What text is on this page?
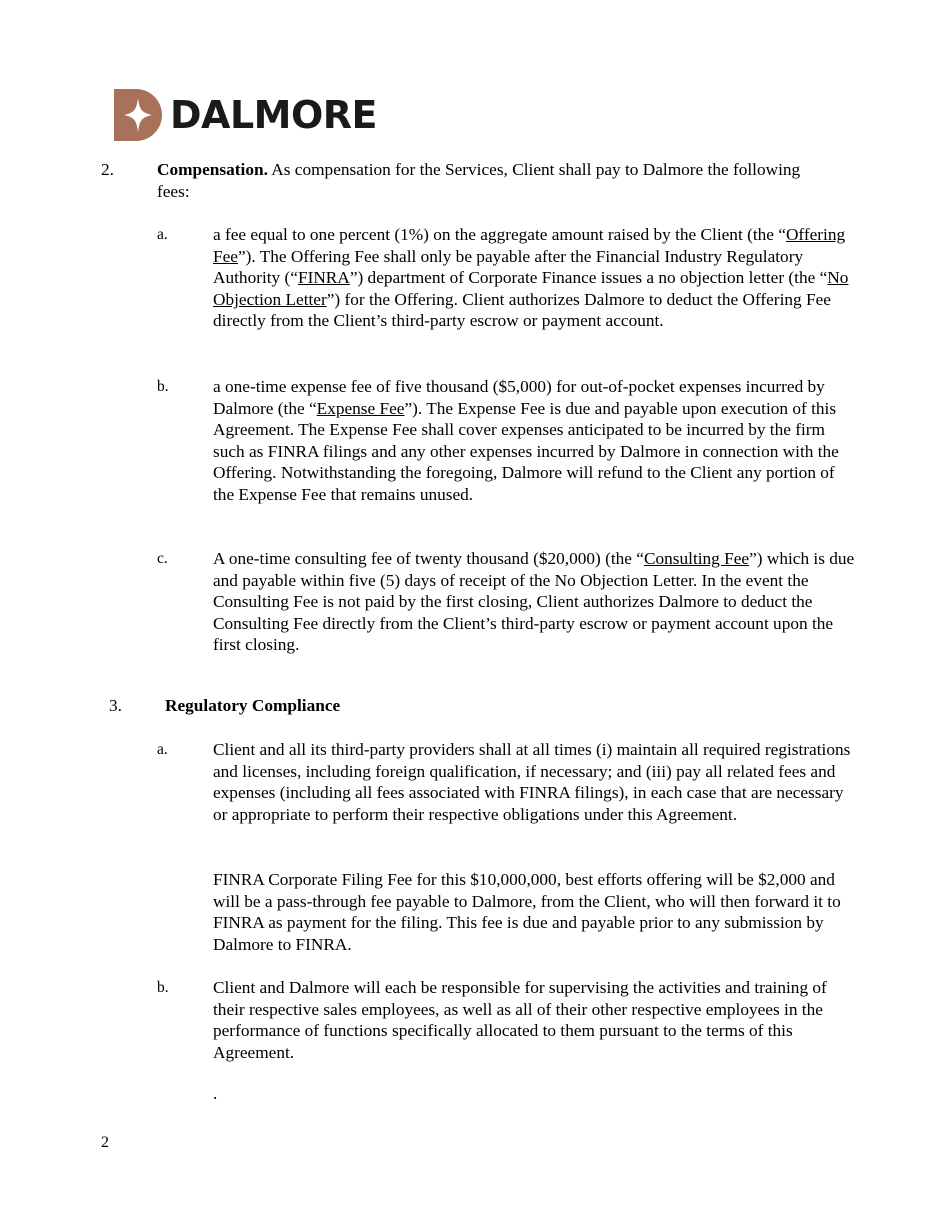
DALMORE
2. Compensation. As compensation for the Services, Client shall pay to Dalmore the following
fees:
a.	a fee equal to one percent (1%) on the aggregate amount raised by the Client (the “Offering Fee”). The Offering Fee shall only be payable after the Financial Industry Regulatory Authority (“FINRA”) department of Corporate Finance issues a no objection letter (the “No Objection Letter”) for the Offering. Client authorizes Dalmore to deduct the Offering Fee directly from the Client’s third-party escrow or payment account.
b.	a one-time expense fee of five thousand ($5,000) for out-of-pocket expenses incurred by Dalmore (the “Expense Fee”). The Expense Fee is due and payable upon execution of this Agreement. The Expense Fee shall cover expenses anticipated to be incurred by the firm such as FINRA filings and any other expenses incurred by Dalmore in connection with the Offering. Notwithstanding the foregoing, Dalmore will refund to the Client any portion of the Expense Fee that remains unused.
c.	A one-time consulting fee of twenty thousand ($20,000) (the “Consulting Fee”) which is due and payable within five (5) days of receipt of the No Objection Letter. In the event the Consulting Fee is not paid by the first closing, Client authorizes Dalmore to deduct the Consulting Fee directly from the Client’s third-party escrow or payment account upon the first closing.
3. Regulatory Compliance
a.	Client and all its third-party providers shall at all times (i) maintain all required registrations and licenses, including foreign qualification, if necessary; and (iii) pay all related fees and expenses (including all fees associated with FINRA filings), in each case that are necessary or appropriate to perform their respective obligations under this Agreement.
FINRA Corporate Filing Fee for this $10,000,000, best efforts offering will be $2,000 and will be a pass-through fee payable to Dalmore, from the Client, who will then forward it to FINRA as payment for the filing. This fee is due and payable prior to any submission by Dalmore to FINRA.
b.	Client and Dalmore will each be responsible for supervising the activities and training of their respective sales employees, as well as all of their other respective employees in the performance of functions specifically allocated to them pursuant to the terms of this Agreement.
.
2
